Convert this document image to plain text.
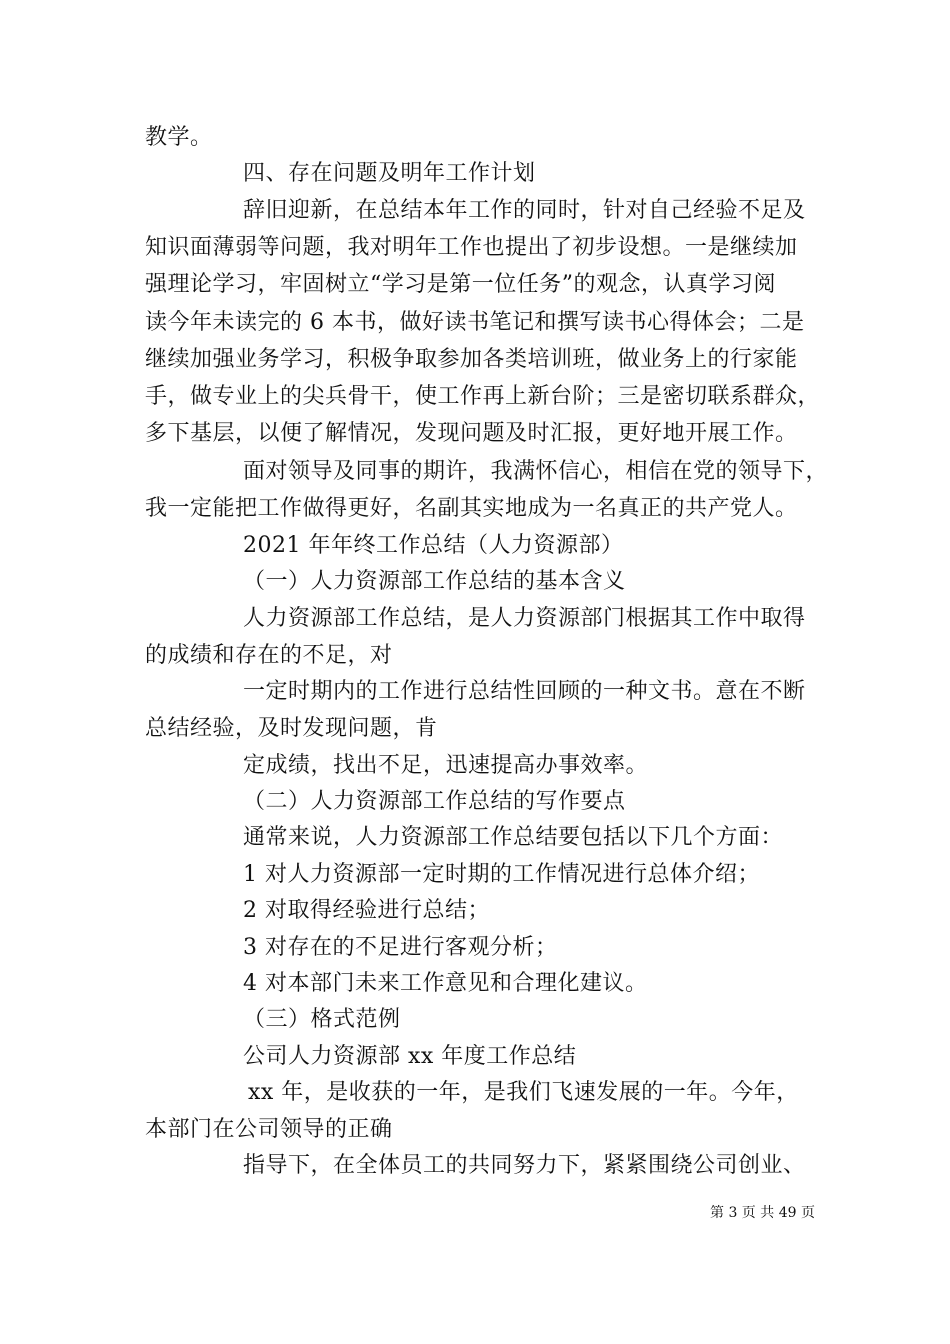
教学。
四、存在问题及明年工作计划
辞旧迎新，在总结本年工作的同时，针对自己经验不足及
知识面薄弱等问题，我对明年工作也提出了初步设想。一是继续加
强理论学习，牢固树立“学习是第一位任务”的观念，认真学习阅
读今年未读完的 6 本书，做好读书笔记和撰写读书心得体会；二是
继续加强业务学习，积极争取参加各类培训班，做业务上的行家能
手，做专业上的尖兵骨干，使工作再上新台阶；三是密切联系群众，
多下基层，以便了解情况，发现问题及时汇报，更好地开展工作。
面对领导及同事的期许，我满怀信心，相信在党的领导下，
我一定能把工作做得更好，名副其实地成为一名真正的共产党人。
2021 年年终工作总结（人力资源部）
（一）人力资源部工作总结的基本含义
人力资源部工作总结，是人力资源部门根据其工作中取得
的成绩和存在的不足，对
一定时期内的工作进行总结性回顾的一种文书。意在不断
总结经验，及时发现问题，肯
定成绩，找出不足，迅速提高办事效率。
（二）人力资源部工作总结的写作要点
通常来说，人力资源部工作总结要包括以下几个方面：
1 对人力资源部一定时期的工作情况进行总体介绍；
2 对取得经验进行总结；
3 对存在的不足进行客观分析；
4 对本部门未来工作意见和合理化建议。
（三）格式范例
公司人力资源部 xx 年度工作总结
xx 年，是收获的一年，是我们飞速发展的一年。今年，
本部门在公司领导的正确
指导下，在全体员工的共同努力下，紧紧围绕公司创业、
第 3 页 共 49 页
